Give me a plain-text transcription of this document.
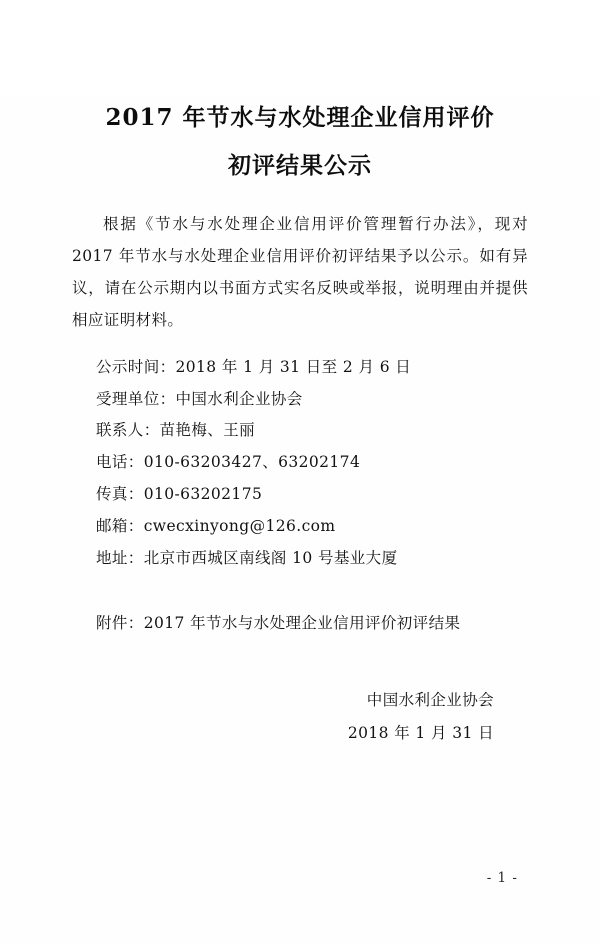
2017 年节水与水处理企业信用评价
初评结果公示

根据《节水与水处理企业信用评价管理暂行办法》，现对 2017 年节水与水处理企业信用评价初评结果予以公示。如有异议，请在公示期内以书面方式实名反映或举报，说明理由并提供相应证明材料。

公示时间：2018 年 1 月 31 日至 2 月 6 日
受理单位：中国水利企业协会
联系人：苗艳梅、王丽
电话：010-63203427、63202174
传真：010-63202175
邮箱：cwecxinyong@126.com
地址：北京市西城区南线阁 10 号基业大厦
附件：2017 年节水与水处理企业信用评价初评结果
中国水利企业协会
2018 年 1 月 31 日
- 1 -
